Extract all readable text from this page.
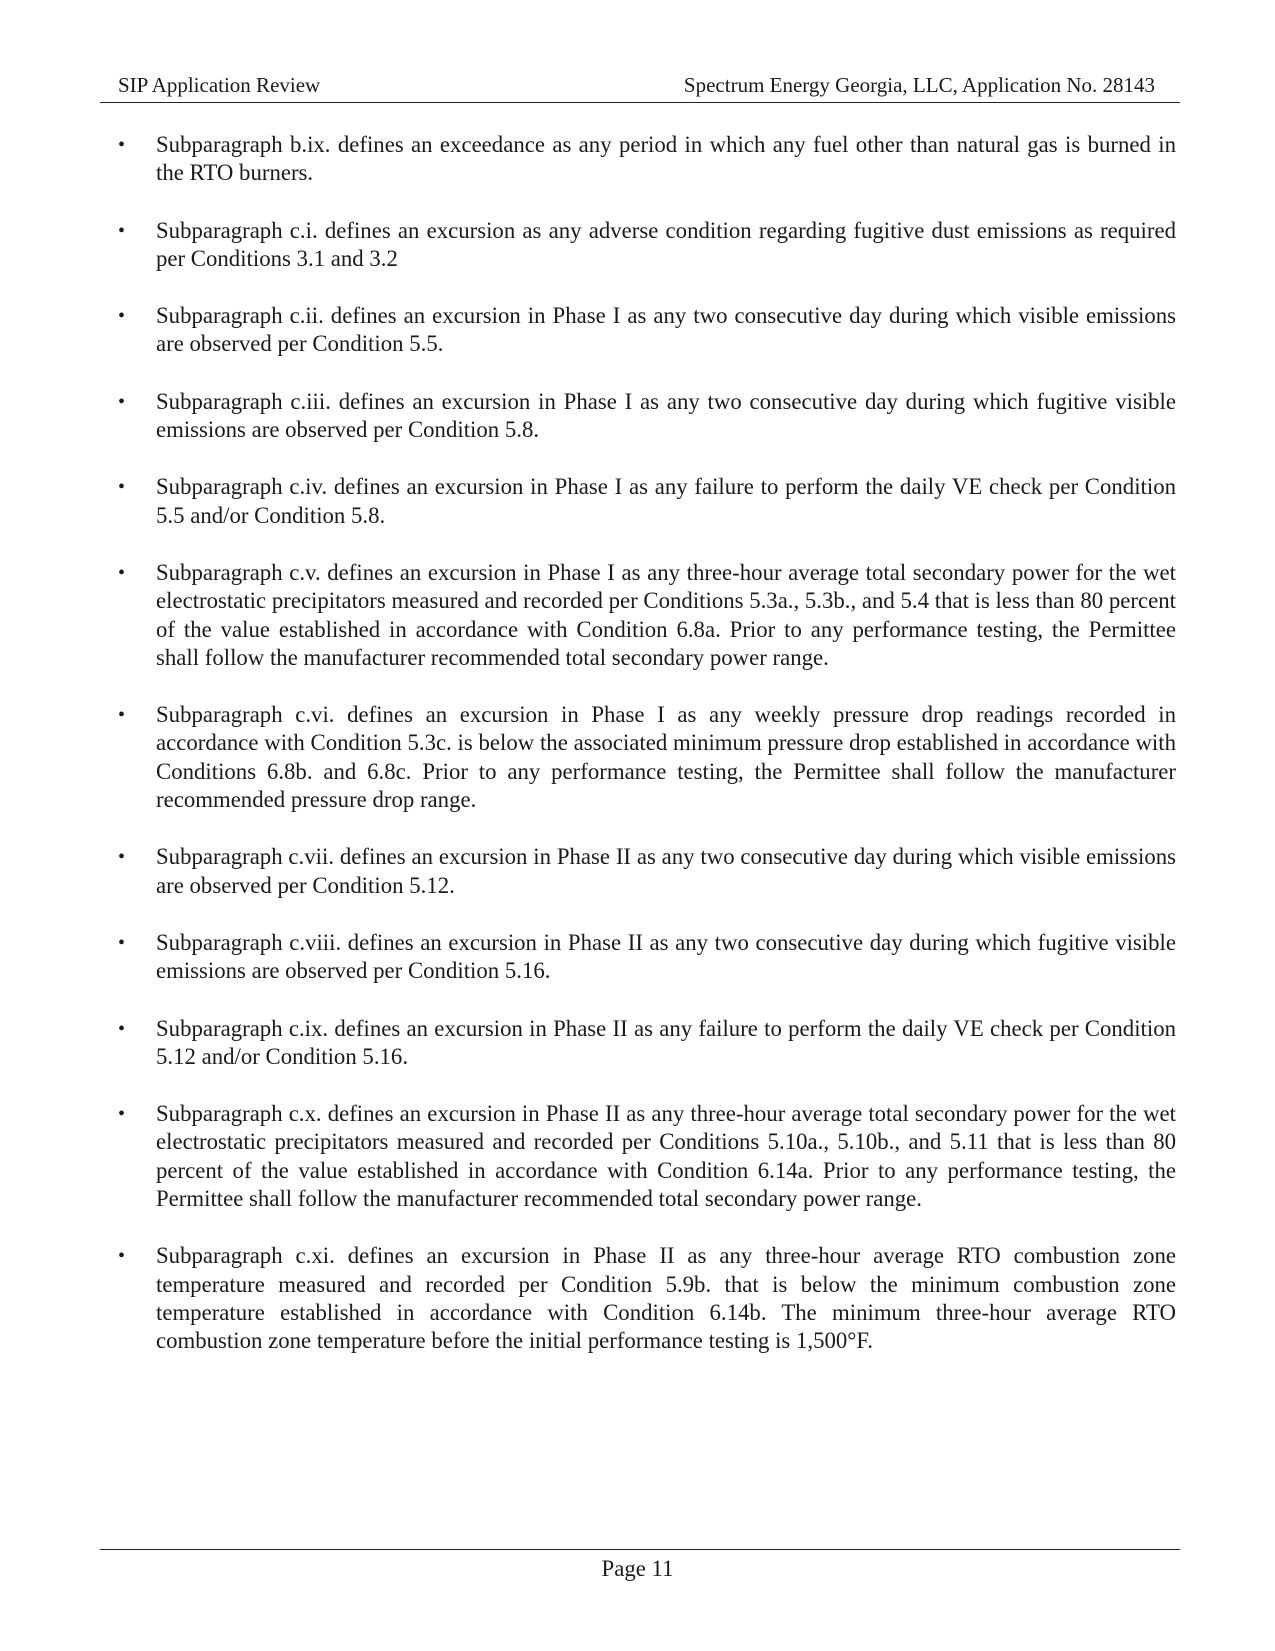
SIP Application Review	Spectrum Energy Georgia, LLC, Application No. 28143
• Subparagraph b.ix. defines an exceedance as any period in which any fuel other than natural gas is burned in the RTO burners.
• Subparagraph c.i. defines an excursion as any adverse condition regarding fugitive dust emissions as required per Conditions 3.1 and 3.2
• Subparagraph c.ii. defines an excursion in Phase I as any two consecutive day during which visible emissions are observed per Condition 5.5.
• Subparagraph c.iii. defines an excursion in Phase I as any two consecutive day during which fugitive visible emissions are observed per Condition 5.8.
• Subparagraph c.iv. defines an excursion in Phase I as any failure to perform the daily VE check per Condition 5.5 and/or Condition 5.8.
• Subparagraph c.v. defines an excursion in Phase I as any three-hour average total secondary power for the wet electrostatic precipitators measured and recorded per Conditions 5.3a., 5.3b., and 5.4 that is less than 80 percent of the value established in accordance with Condition 6.8a. Prior to any performance testing, the Permittee shall follow the manufacturer recommended total secondary power range.
• Subparagraph c.vi. defines an excursion in Phase I as any weekly pressure drop readings recorded in accordance with Condition 5.3c. is below the associated minimum pressure drop established in accordance with Conditions 6.8b. and 6.8c. Prior to any performance testing, the Permittee shall follow the manufacturer recommended pressure drop range.
• Subparagraph c.vii. defines an excursion in Phase II as any two consecutive day during which visible emissions are observed per Condition 5.12.
• Subparagraph c.viii. defines an excursion in Phase II as any two consecutive day during which fugitive visible emissions are observed per Condition 5.16.
• Subparagraph c.ix. defines an excursion in Phase II as any failure to perform the daily VE check per Condition 5.12 and/or Condition 5.16.
• Subparagraph c.x. defines an excursion in Phase II as any three-hour average total secondary power for the wet electrostatic precipitators measured and recorded per Conditions 5.10a., 5.10b., and 5.11 that is less than 80 percent of the value established in accordance with Condition 6.14a. Prior to any performance testing, the Permittee shall follow the manufacturer recommended total secondary power range.
• Subparagraph c.xi. defines an excursion in Phase II as any three-hour average RTO combustion zone temperature measured and recorded per Condition 5.9b. that is below the minimum combustion zone temperature established in accordance with Condition 6.14b. The minimum three-hour average RTO combustion zone temperature before the initial performance testing is 1,500°F.
Page 11
